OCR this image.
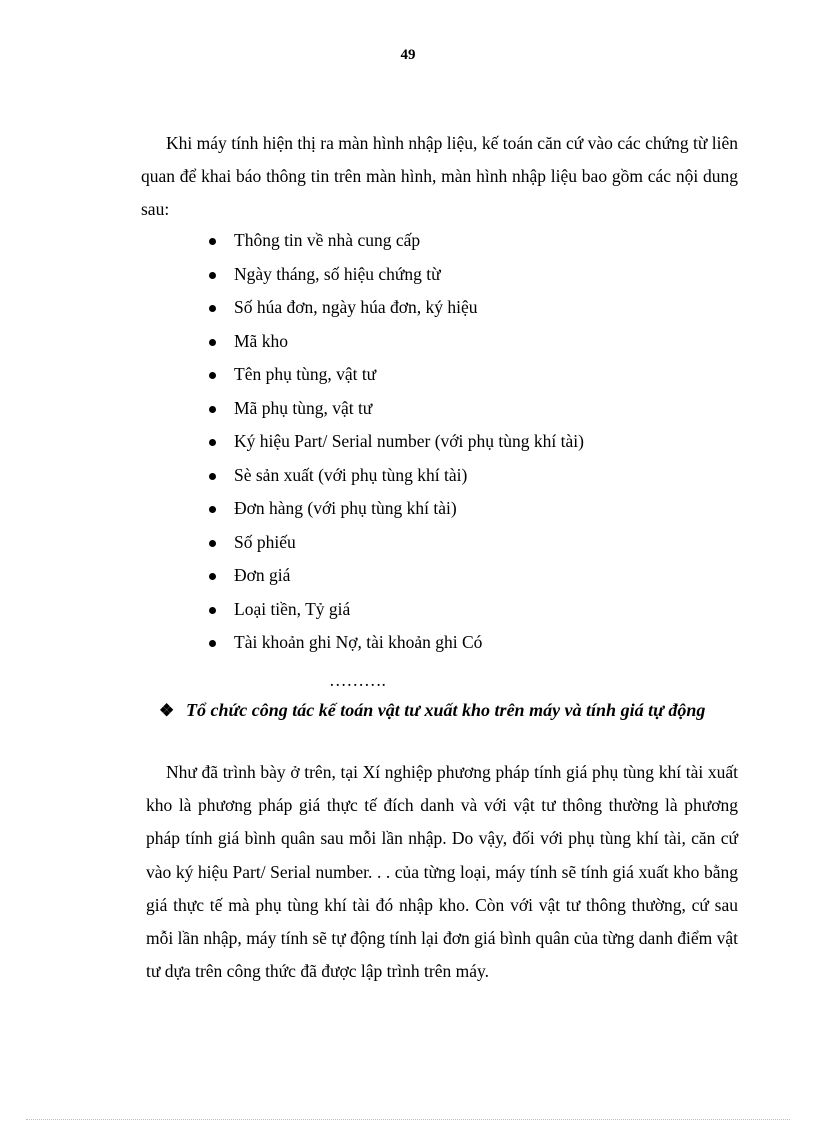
49
Khi máy tính hiện thị ra màn hình nhập liệu, kế toán căn cứ vào các chứng từ liên quan để khai báo thông tin trên màn hình, màn hình nhập liệu bao gồm các nội dung sau:
Thông tin về nhà cung cấp
Ngày tháng, số hiệu chứng từ
Số húa đơn, ngày húa đơn, ký hiệu
Mã kho
Tên phụ tùng, vật tư
Mã phụ tùng, vật tư
Ký hiệu Part/ Serial number (với phụ tùng khí tài)
Sè sản xuất (với phụ tùng khí tài)
Đơn hàng (với phụ tùng khí tài)
Số phiếu
Đơn giá
Loại tiền, Tỷ giá
Tài khoản ghi Nợ, tài khoản ghi Có
……….
❖ Tổ chức công tác kế toán vật tư xuất kho trên máy và tính giá tự động
Như đã trình bày ở trên, tại Xí nghiệp phương pháp tính giá phụ tùng khí tài xuất kho là phương pháp giá thực tế đích danh và với vật tư thông thường là phương pháp tính giá bình quân sau mỗi lần nhập. Do vậy, đối với phụ tùng khí tài, căn cứ vào ký hiệu Part/ Serial number. . . của từng loại, máy tính sẽ tính giá xuất kho bằng giá thực tế mà phụ tùng khí tài đó nhập kho. Còn với vật tư thông thường, cứ sau mỗi lần nhập, máy tính sẽ tự động tính lại đơn giá bình quân của từng danh điểm vật tư dựa trên công thức đã được lập trình trên máy.
